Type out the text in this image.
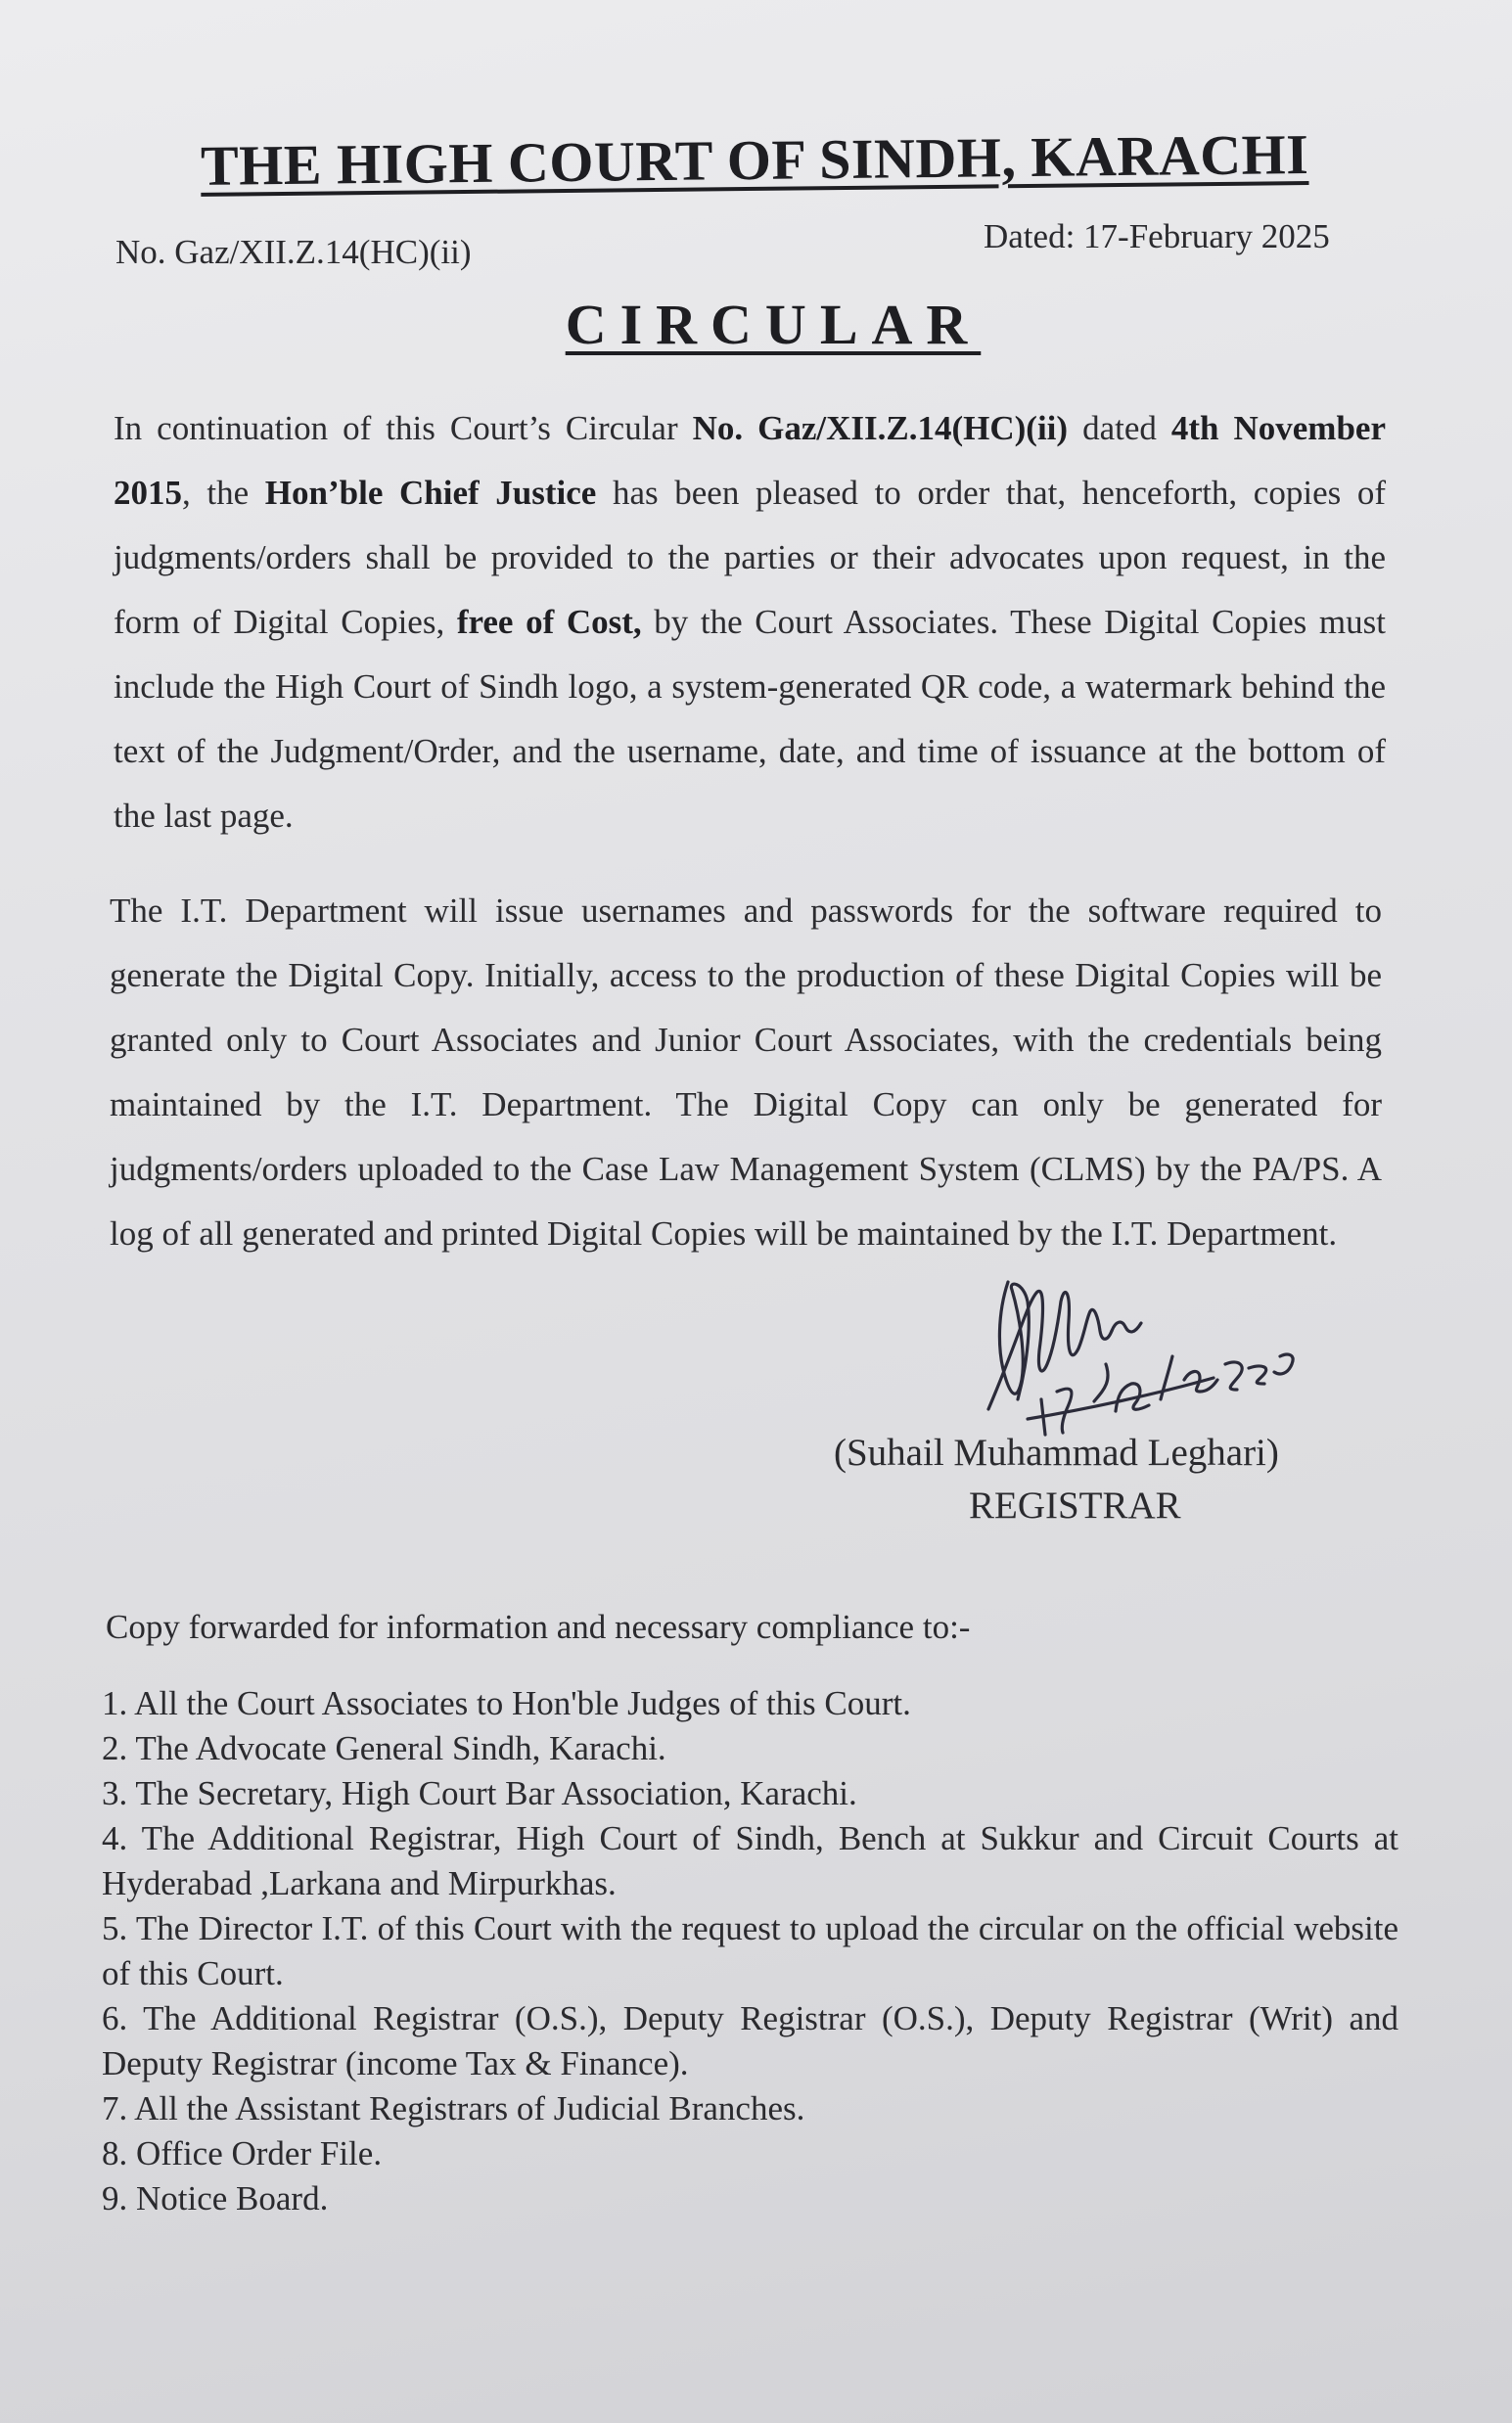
THE HIGH COURT OF SINDH, KARACHI
No. Gaz/XII.Z.14(HC)(ii)	Dated: 17-February 2025
CIRCULAR
In continuation of this Court’s Circular No. Gaz/XII.Z.14(HC)(ii) dated 4th November 2015, the Hon’ble Chief Justice has been pleased to order that, henceforth, copies of judgments/orders shall be provided to the parties or their advocates upon request, in the form of Digital Copies, free of Cost, by the Court Associates. These Digital Copies must include the High Court of Sindh logo, a system-generated QR code, a watermark behind the text of the Judgment/Order, and the username, date, and time of issuance at the bottom of the last page.
The I.T. Department will issue usernames and passwords for the software required to generate the Digital Copy. Initially, access to the production of these Digital Copies will be granted only to Court Associates and Junior Court Associates, with the credentials being maintained by the I.T. Department. The Digital Copy can only be generated for judgments/orders uploaded to the Case Law Management System (CLMS) by the PA/PS. A log of all generated and printed Digital Copies will be maintained by the I.T. Department.
(Suhail Muhammad Leghari)
REGISTRAR
Copy forwarded for information and necessary compliance to:-
1. All the Court Associates to Hon'ble Judges of this Court.
2. The Advocate General Sindh, Karachi.
3. The Secretary, High Court Bar Association, Karachi.
4. The Additional Registrar, High Court of Sindh, Bench at Sukkur and Circuit Courts at Hyderabad ,Larkana and Mirpurkhas.
5. The Director I.T. of this Court with the request to upload the circular on the official website of this Court.
6. The Additional Registrar (O.S.), Deputy Registrar (O.S.), Deputy Registrar (Writ) and Deputy Registrar (income Tax & Finance).
7. All the Assistant Registrars of Judicial Branches.
8. Office Order File.
9. Notice Board.
